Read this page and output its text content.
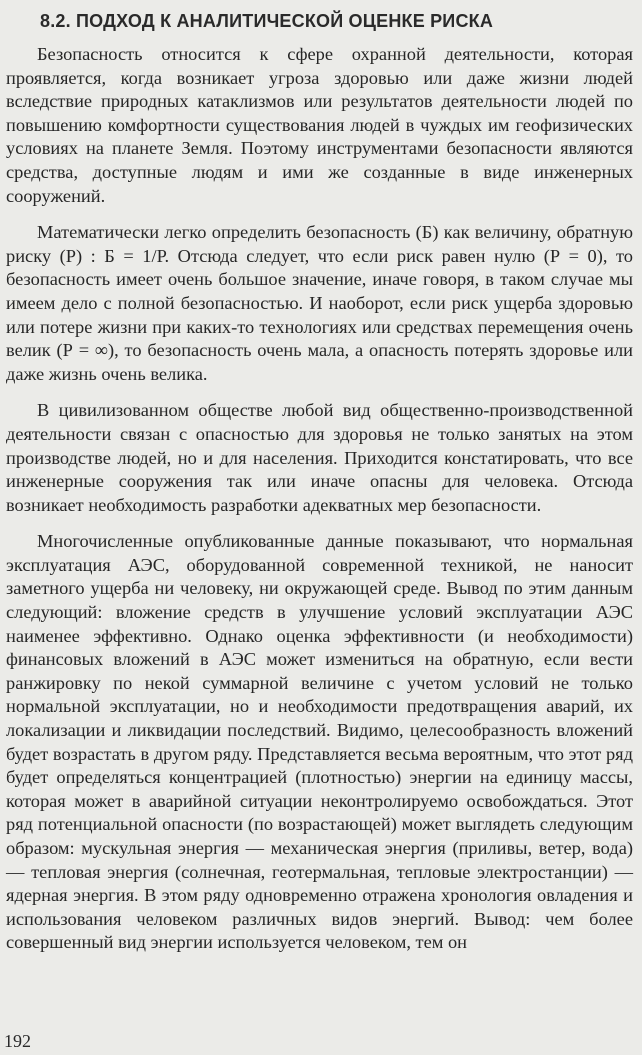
8.2. ПОДХОД К АНАЛИТИЧЕСКОЙ ОЦЕНКЕ РИСКА

Безопасность относится к сфере охранной деятельности, которая проявляется, когда возникает угроза здоровью или даже жизни людей вследствие природных катаклизмов или результатов деятельности людей по повышению комфортности существования людей в чуждых им геофизических условиях на планете Земля. Поэтому инструментами безопасности являются средства, доступные людям и ими же созданные в виде инженерных сооружений.

Математически легко определить безопасность (Б) как величину, обратную риску (Р) : Б = 1/Р. Отсюда следует, что если риск равен нулю (Р = 0), то безопасность имеет очень большое значение, иначе говоря, в таком случае мы имеем дело с полной безопасностью. И наоборот, если риск ущерба здоровью или потере жизни при каких-то технологиях или средствах перемещения очень велик (Р = ∞), то безопасность очень мала, а опасность потерять здоровье или даже жизнь очень велика.

В цивилизованном обществе любой вид общественно-производственной деятельности связан с опасностью для здоровья не только занятых на этом производстве людей, но и для населения. Приходится констатировать, что все инженерные сооружения так или иначе опасны для человека. Отсюда возникает необходимость разработки адекватных мер безопасности.

Многочисленные опубликованные данные показывают, что нормальная эксплуатация АЭС, оборудованной современной техникой, не наносит заметного ущерба ни человеку, ни окружающей среде. Вывод по этим данным следующий: вложение средств в улучшение условий эксплуатации АЭС наименее эффективно. Однако оценка эффективности (и необходимости) финансовых вложений в АЭС может измениться на обратную, если вести ранжировку по некой суммарной величине с учетом условий не только нормальной эксплуатации, но и необходимости предотвращения аварий, их локализации и ликвидации последствий. Видимо, целесообразность вложений будет возрастать в другом ряду. Представляется весьма вероятным, что этот ряд будет определяться концентрацией (плотностью) энергии на единицу массы, которая может в аварийной ситуации неконтролируемо освобождаться. Этот ряд потенциальной опасности (по возрастающей) может выглядеть следующим образом: мускульная энергия — механическая энергия (приливы, ветер, вода) — тепловая энергия (солнечная, геотермальная, тепловые электростанции) — ядерная энергия. В этом ряду одновременно отражена хронология овладения и использования человеком различных видов энергий. Вывод: чем более совершенный вид энергии используется человеком, тем он

192
